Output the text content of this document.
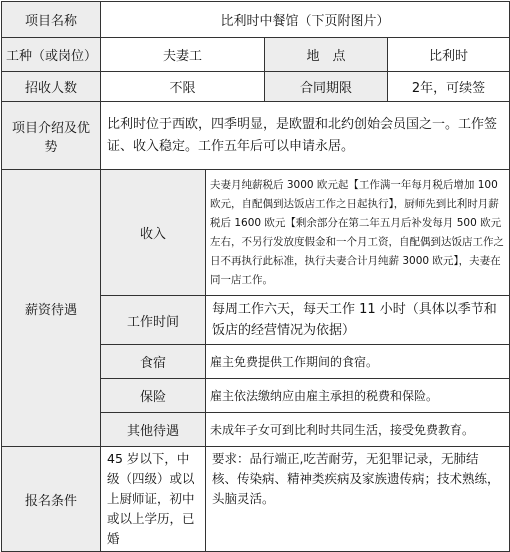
项目名称	比利时中餐馆（下页附图片）			
工种（或岗位）	夫妻工		地　点	比利时
招收人数	不限		合同期限	2年，可续签
项目介绍及优势	比利时位于西欧，四季明显，是欧盟和北约创始会员国之一。工作签证、收入稳定。工作五年后可以申请永居。			
薪资待遇	收入	夫妻月纯薪税后 3000 欧元起【工作满一年每月税后增加 100 欧元，自配偶到达饭店工作之日起执行】，厨师先到比利时月薪税后 1600 欧元【剩余部分在第二年五月后补发每月 500 欧元左右，不另行发放度假金和一个月工资，自配偶到达饭店工作之日不再执行此标准，执行夫妻合计月纯薪 3000 欧元】，夫妻在同一店工作。		
	工作时间	每周工作六天，每天工作 11 小时（具体以季节和饭店的经营情况为依据）		
	食宿	雇主免费提供工作期间的食宿。		
	保险	雇主依法缴纳应由雇主承担的税费和保险。		
	其他待遇	未成年子女可到比利时共同生活，接受免费教育。		
报名条件	45 岁以下，中级（四级）或以上厨师证，初中或以上学历，已婚	要求：品行端正,吃苦耐劳，无犯罪记录，无肺结核、传染病、精神类疾病及家族遗传病；技术熟练，头脑灵活。		
